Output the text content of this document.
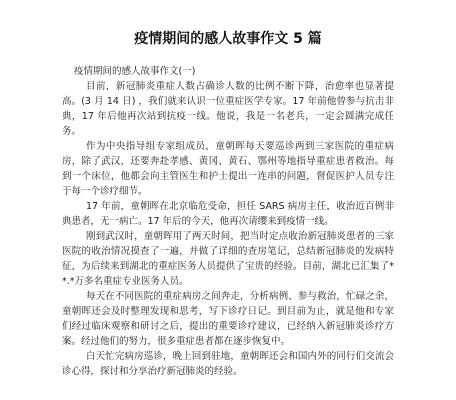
疫情期间的感人故事作文 5 篇

疫情期间的感人故事作文(一)

目前，新冠肺炎重症人数占确诊人数的比例不断下降，治愈率也显著提高。(3 月 14 日) ，我们就来认识一位重症医学专家。17 年前他曾参与抗击非典，17 年后他再次站到抗疫一线。他说，我是一名老兵，一定会圆满完成任务。

作为中央指导组专家组成员，童朝晖每天要巡诊两到三家医院的重症病房，除了武汉，还要奔赴孝感、黄冈、黄石、鄂州等地指导重症患者救治。每到一个床位，他都会向主管医生和护士提出一连串的问题，督促医护人员专注于每一个诊疗细节。

17 年前，童朝晖在北京临危受命，担任 SARS 病房主任，收治近百例非典患者，无一病亡。17 年后的今天，他再次请缨来到疫情一线。

刚到武汉时，童朝晖用了两天时间，把当时定点收治新冠肺炎患者的三家医院的收治情况摸查了一遍，并做了详细的查房笔记，总结新冠肺炎的发病特征，为后续来到湖北的重症医务人员提供了宝贵的经验。目前，湖北已汇集了**.*万多名重症专业医务人员。

每天在不同医院的重症病房之间奔走，分析病例、参与救治，忙碌之余，童朝晖还会及时整理发现和思考，写下诊疗日记。到目前为止，就是他和专家们经过临床观察和研讨之后，提出的重要诊疗建议，已经纳入新冠肺炎诊疗方案。经过他们的努力，很多重症患者都在逐步恢复中。

白天忙完病房巡诊，晚上回到驻地，童朝晖还会和国内外的同行们交流会诊心得，探讨和分享治疗新冠肺炎的经验。
